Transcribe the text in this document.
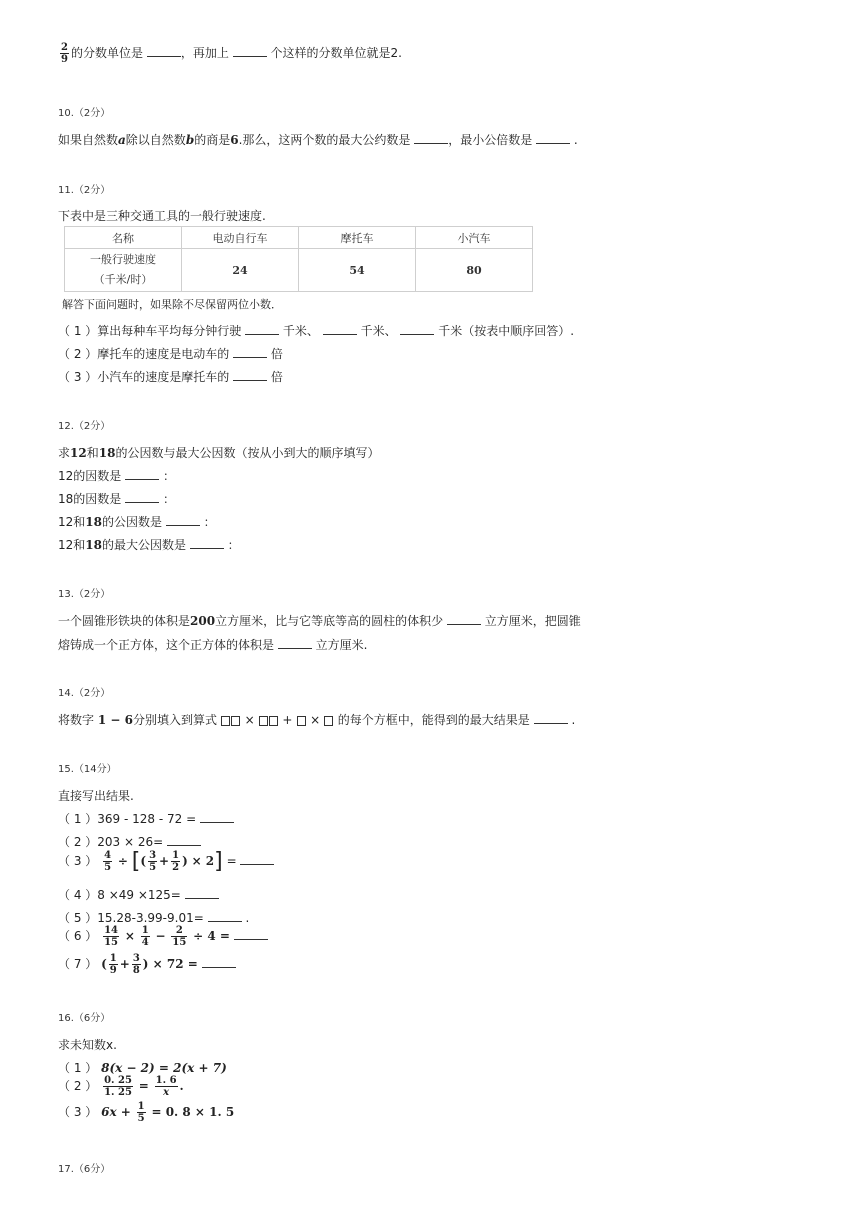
$\frac{2}{9}$ 的分数单位是	，再加上	个这样的分数单位就是2.
10.（2分）
如果自然数a除以自然数b的商是6.那么，这两个数的最大公约数是	，最小公倍数是	.
11.（2分）
下表中是三种交通工具的一般行驶速度.
名称	电动自行车	摩托车	小汽车

一般行驶速度
（千米/时）	24	54	80
解答下面问题时，如果除不尽保留两位小数．
（ 1 ）算出每种车平均每分钟行驶	千米、	千米、	千米（按表中顺序回答）.
（ 2 ）摩托车的速度是电动车的	倍
（ 3 ）小汽车的速度是摩托车的	倍
12.（2分）
求12和18的公因数与最大公因数（按从小到大的顺序填写）
12的因数是	：
18的因数是	：
12和18的公因数是	：
12和18的最大公因数是	：
13.（2分）
一个圆锥形铁块的体积是200立方厘米，比与它等底等高的圆柱的体积少	立方厘米，把圆锥
熔铸成一个正方体，这个正方体的体积是	立方厘米.
14.（2分）
将数字 1 − 6分别填入到算式 × + × 的每个方框中，能得到的最大结果是	.
15.（14分）
直接写出结果.
（ 1 ）369 - 128 - 72 =
（ 2 ）203 × 26=
（ 3 ） $\frac{4}{5}$ ÷ [( $\frac{3}{5} + \frac{1}{2}$ ) × 2] =
（ 4 ）8 ×49 ×125=
（ 5 ）15.28-3.99-9.01=	.
（ 6 ） $\frac{14}{15} \times \frac{1}{4} - \frac{2}{15} \div 4$ =
（ 7 ） ( $\frac{1}{9} + \frac{3}{8}$ ) × 72 =
16.（6分）
求未知数x.
（ 1 ） 8(x − 2) = 2(x + 7)
（ 2 ） $\frac{0. 25}{1. 25} = \frac{1. 6}{x}$ .
（ 3 ） $6x + \frac{1}{5} = 0$. 8 × 1. 5
17.（6分）
